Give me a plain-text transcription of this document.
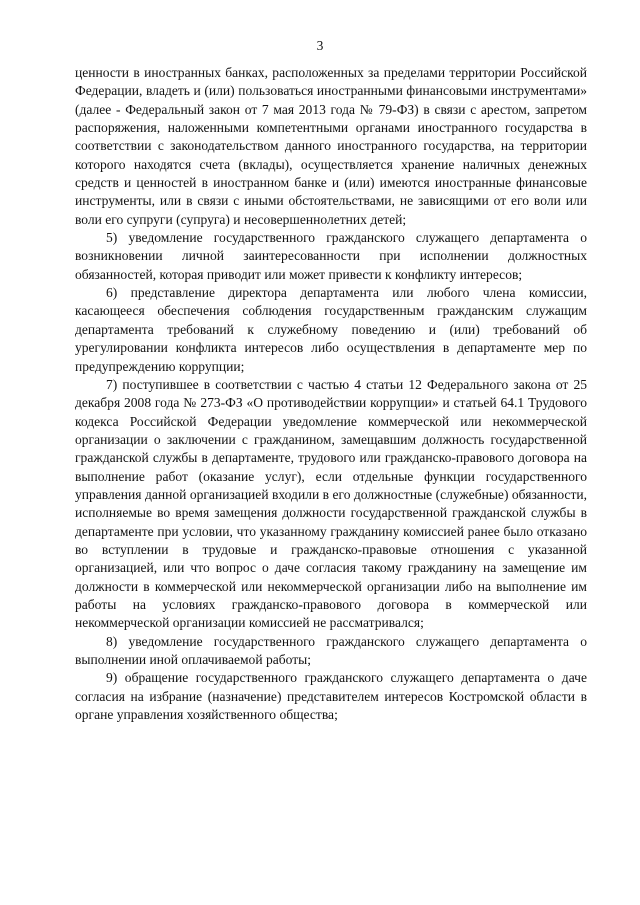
3

ценности в иностранных банках, расположенных за пределами территории Российской Федерации, владеть и (или) пользоваться иностранными финансовыми инструментами» (далее - Федеральный закон от 7 мая 2013 года № 79-ФЗ) в связи с арестом, запретом распоряжения, наложенными компетентными органами иностранного государства в соответствии с законодательством данного иностранного государства, на территории которого находятся счета (вклады), осуществляется хранение наличных денежных средств и ценностей в иностранном банке и (или) имеются иностранные финансовые инструменты, или в связи с иными обстоятельствами, не зависящими от его воли или воли его супруги (супруга) и несовершеннолетних детей;

5) уведомление государственного гражданского служащего департамента о возникновении личной заинтересованности при исполнении должностных обязанностей, которая приводит или может привести к конфликту интересов;

6) представление директора департамента или любого члена комиссии, касающееся обеспечения соблюдения государственным гражданским служащим департамента требований к служебному поведению и (или) требований об урегулировании конфликта интересов либо осуществления в департаменте мер по предупреждению коррупции;

7) поступившее в соответствии с частью 4 статьи 12 Федерального закона от 25 декабря 2008 года № 273-ФЗ «О противодействии коррупции» и статьей 64.1 Трудового кодекса Российской Федерации уведомление коммерческой или некоммерческой организации о заключении с гражданином, замещавшим должность государственной гражданской службы в департаменте, трудового или гражданско-правового договора на выполнение работ (оказание услуг), если отдельные функции государственного управления данной организацией входили в его должностные (служебные) обязанности, исполняемые во время замещения должности государственной гражданской службы в департаменте при условии, что указанному гражданину комиссией ранее было отказано во вступлении в трудовые и гражданско-правовые отношения с указанной организацией, или что вопрос о даче согласия такому гражданину на замещение им должности в коммерческой или некоммерческой организации либо на выполнение им работы на условиях гражданско-правового договора в коммерческой или некоммерческой организации комиссией не рассматривался;

8) уведомление государственного гражданского служащего департамента о выполнении иной оплачиваемой работы;

9) обращение государственного гражданского служащего департамента о даче согласия на избрание (назначение) представителем интересов Костромской области в органе управления хозяйственного общества;
